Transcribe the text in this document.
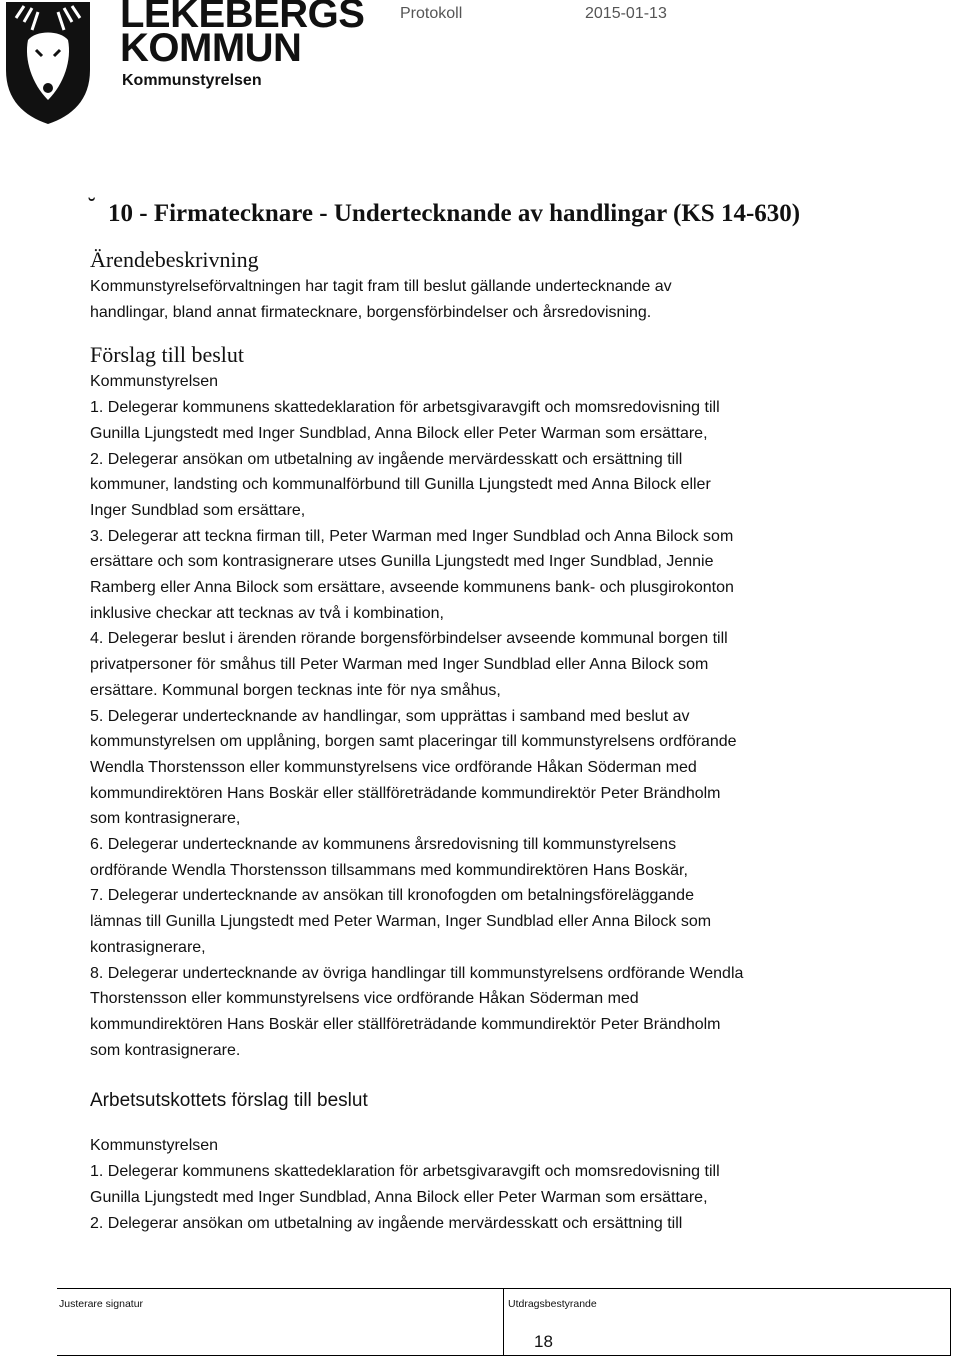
LEKEBERGS
KOMMUN
Kommunstyrelsen
Protokoll	2015-01-13
˘ 10 - Firmatecknare - Undertecknande av handlingar (KS 14-630)
Ärendebeskrivning

Kommunstyrelseförvaltningen har tagit fram till beslut gällande undertecknande av

handlingar, bland annat firmatecknare, borgensförbindelser och årsredovisning.

Förslag till beslut

Kommunstyrelsen

1. Delegerar kommunens skattedeklaration för arbetsgivaravgift och momsredovisning till

Gunilla Ljungstedt med Inger Sundblad, Anna Bilock eller Peter Warman som ersättare,

2. Delegerar ansökan om utbetalning av ingående mervärdesskatt och ersättning till

kommuner, landsting och kommunalförbund till Gunilla Ljungstedt med Anna Bilock eller

Inger Sundblad som ersättare,

3. Delegerar att teckna firman till, Peter Warman med Inger Sundblad och Anna Bilock som

ersättare och som kontrasignerare utses Gunilla Ljungstedt med Inger Sundblad, Jennie

Ramberg eller Anna Bilock som ersättare, avseende kommunens bank- och plusgirokonton

inklusive checkar att tecknas av två i kombination,

4. Delegerar beslut i ärenden rörande borgensförbindelser avseende kommunal borgen till

privatpersoner för småhus till Peter Warman med Inger Sundblad eller Anna Bilock som

ersättare. Kommunal borgen tecknas inte för nya småhus,

5. Delegerar undertecknande av handlingar, som upprättas i samband med beslut av

kommunstyrelsen om upplåning, borgen samt placeringar till kommunstyrelsens ordförande

Wendla Thorstensson eller kommunstyrelsens vice ordförande Håkan Söderman med

kommundirektören Hans Boskär eller ställföreträdande kommundirektör Peter Brändholm

som kontrasignerare,

6. Delegerar undertecknande av kommunens årsredovisning till kommunstyrelsens

ordförande Wendla Thorstensson tillsammans med kommundirektören Hans Boskär,

7. Delegerar undertecknande av ansökan till kronofogden om betalningsföreläggande

lämnas till Gunilla Ljungstedt med Peter Warman, Inger Sundblad eller Anna Bilock som

kontrasignerare,

8. Delegerar undertecknande av övriga handlingar till kommunstyrelsens ordförande Wendla

Thorstensson eller kommunstyrelsens vice ordförande Håkan Söderman med

kommundirektören Hans Boskär eller ställföreträdande kommundirektör Peter Brändholm

som kontrasignerare.

Arbetsutskottets förslag till beslut

Kommunstyrelsen

1. Delegerar kommunens skattedeklaration för arbetsgivaravgift och momsredovisning till

Gunilla Ljungstedt med Inger Sundblad, Anna Bilock eller Peter Warman som ersättare,

2. Delegerar ansökan om utbetalning av ingående mervärdesskatt och ersättning till

Justerare signatur	Utdragsbestyrande
18
